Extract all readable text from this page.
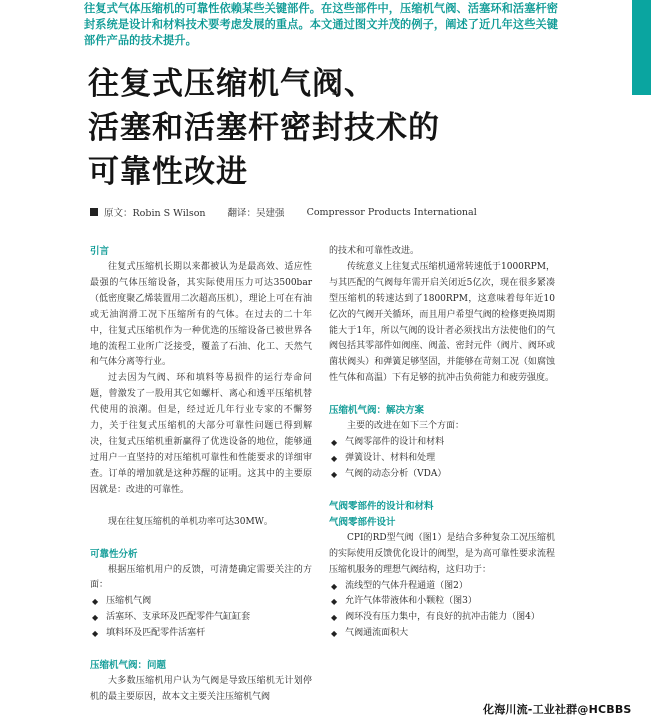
往复式气体压缩机的可靠性依赖某些关键部件。在这些部件中，压缩机气阀、活塞环和活塞杆密

封系统是设计和材料技术要考虑发展的重点。本文通过图文并茂的例子，阐述了近几年这些关键

部件产品的技术提升。

往复式压缩机气阀、
活塞和活塞杆密封技术的
可靠性改进
原文：Robin S Wilson 翻译：吴建强 Compressor Products International
引言

往复式压缩机长期以来都被认为是最高效、适应性最强的气体压缩设备，其实际使用压力可达3500bar（低密度聚乙烯装置用二次超高压机），理论上可在有油或无油润滑工况下压缩所有的气体。在过去的二十年中，往复式压缩机作为一种优选的压缩设备已被世界各地的流程工业所广泛接受，覆盖了石油、化工、天然气和气体分离等行业。

过去因为气阀、环和填料等易损件的运行寿命问题，曾激发了一股用其它如螺杆、离心和透平压缩机替代使用的浪潮。但是，经过近几年行业专家的不懈努力，关于往复式压缩机的大部分可靠性问题已得到解决，往复式压缩机重新赢得了优选设备的地位，能够通过用户一直坚持的对压缩机可靠性和性能要求的详细审查。订单的增加就是这种苏醒的证明。这其中的主要原因就是：改进的可靠性。

现在往复压缩机的单机功率可达30MW。

可靠性分析

根据压缩机用户的反馈，可清楚确定需要关注的方面：

◆ 压缩机气阀
◆ 活塞环、支承环及匹配零件气缸缸套
◆ 填料环及匹配零件活塞杆
压缩机气阀：问题

大多数压缩机用户认为气阀是导致压缩机无计划停机的最主要原因，故本文主要关注压缩机气阀

的技术和可靠性改进。

传统意义上往复式压缩机通常转速低于1000RPM，与其匹配的气阀每年需开启关闭近5亿次，现在很多紧凑型压缩机的转速达到了1800RPM，这意味着每年近10亿次的气阀开关循环，而且用户希望气阀的检修更换周期能大于1年，所以气阀的设计者必须找出方法使他们的气阀包括其零部件如阀座、阀盖、密封元件（阀片、阀环或菌状阀头）和弹簧足够坚固，并能够在苛刻工况（如腐蚀性气体和高温）下有足够的抗冲击负荷能力和疲劳强度。

压缩机气阀：解决方案

主要的改进在如下三个方面：

◆ 气阀零部件的设计和材料
◆ 弹簧设计、材料和处理
◆ 气阀的动态分析（VDA）
气阀零部件的设计和材料
气阀零部件设计

CPI的RD型气阀（图1）是结合多种复杂工况压缩机的实际使用反馈优化设计的阀型，是为高可靠性要求流程压缩机服务的理想气阀结构，这归功于：

◆ 流线型的气体升程通道（图2）
◆ 允许气体带液体和小颗粒（图3）
◆ 阀环没有压力集中，有良好的抗冲击能力（图4）
◆ 气阀通流面积大
化海川流-工业社群@HCBBS
